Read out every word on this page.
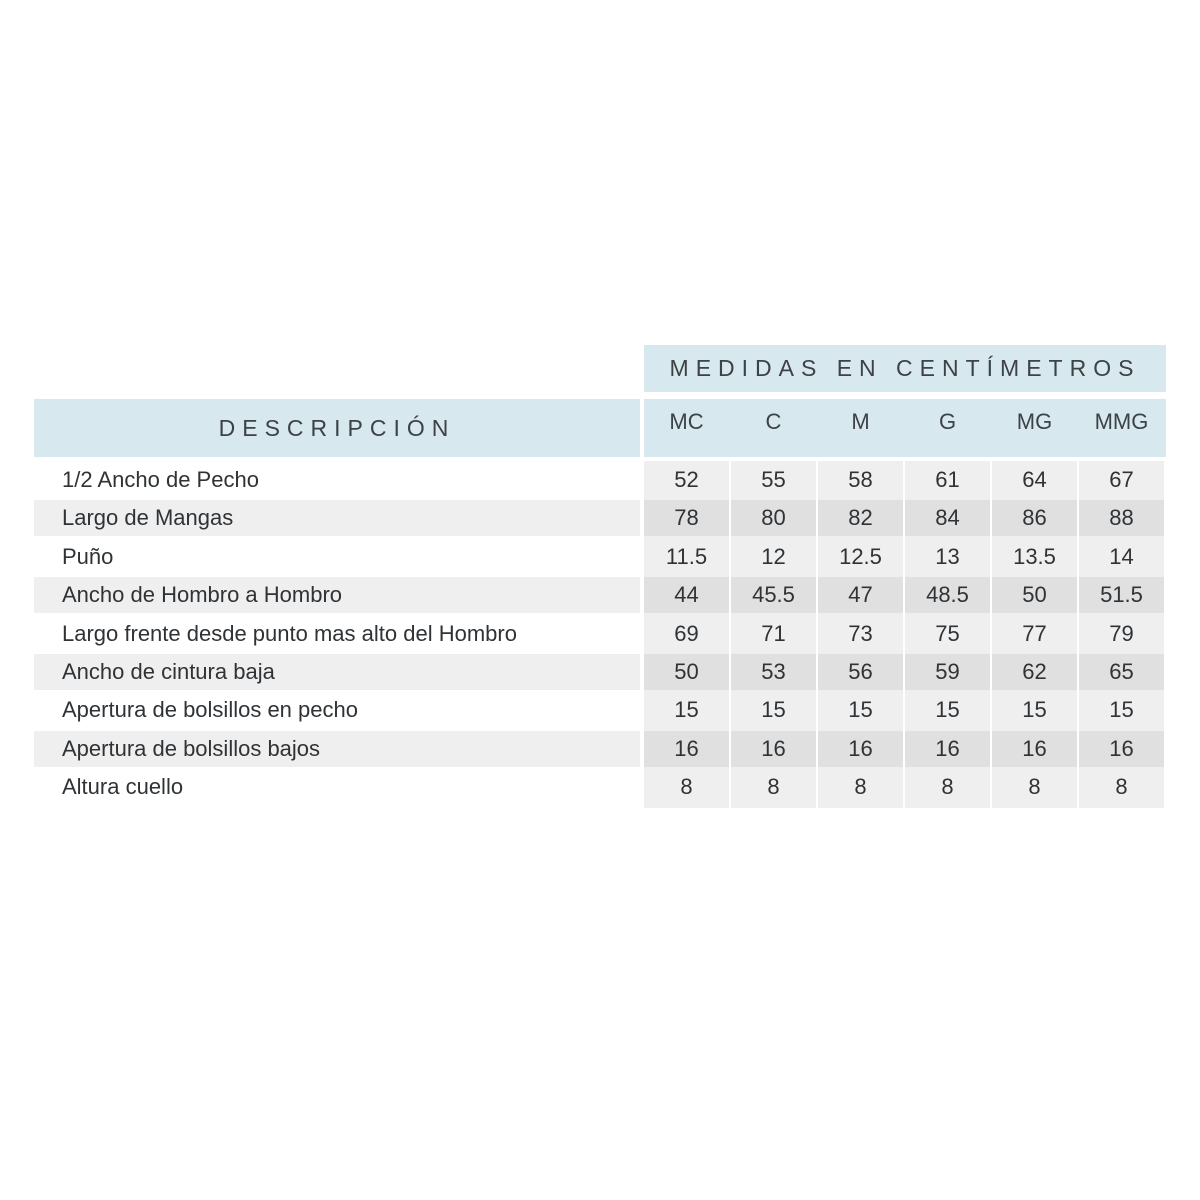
MEDIDAS EN CENTÍMETROS
DESCRIPCIÓN	MC	C	M	G	MG	MMG
1/2 Ancho de Pecho	52	55	58	61	64	67
Largo de Mangas	78	80	82	84	86	88
Puño	11.5	12	12.5	13	13.5	14
Ancho de Hombro a Hombro	44	45.5	47	48.5	50	51.5
Largo frente desde punto mas alto del Hombro	69	71	73	75	77	79
Ancho de cintura baja	50	53	56	59	62	65
Apertura de bolsillos en pecho	15	15	15	15	15	15
Apertura de bolsillos bajos	16	16	16	16	16	16
Altura cuello	8	8	8	8	8	8
